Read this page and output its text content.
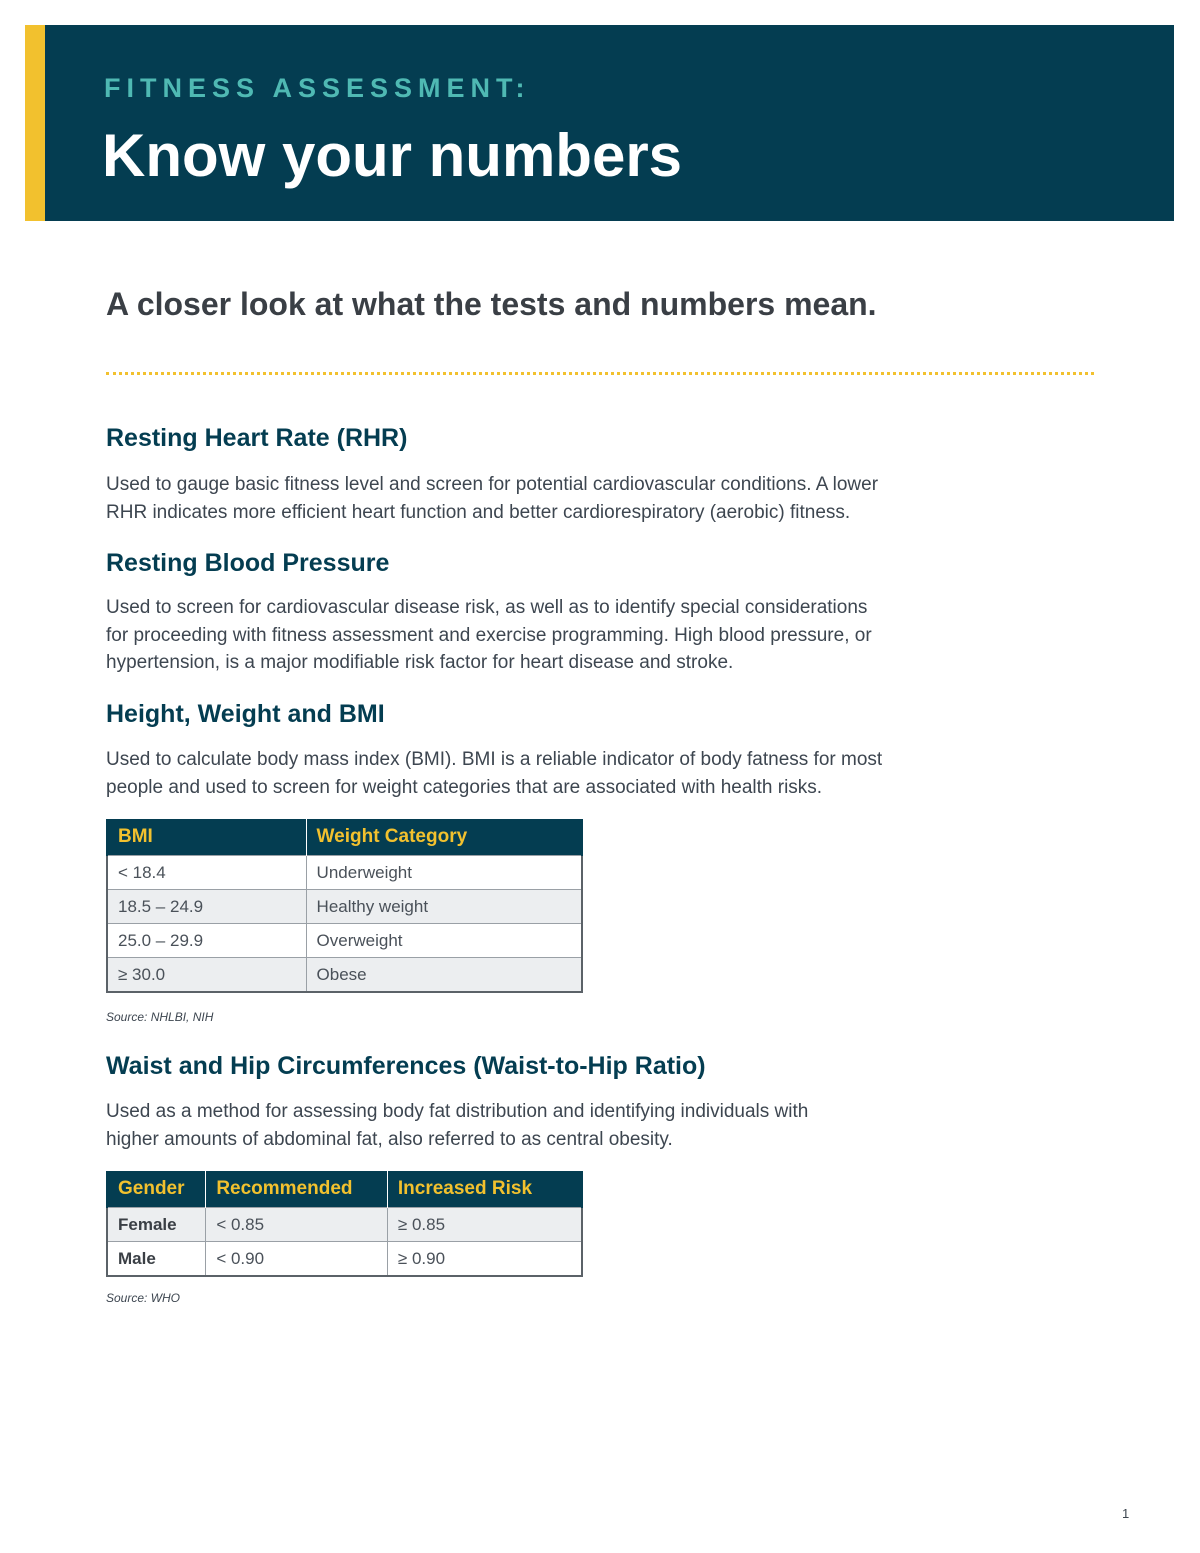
FITNESS ASSESSMENT:
Know your numbers
A closer look at what the tests and numbers mean.
Resting Heart Rate (RHR)
Used to gauge basic fitness level and screen for potential cardiovascular conditions. A lower
RHR indicates more efficient heart function and better cardiorespiratory (aerobic) fitness.
Resting Blood Pressure
Used to screen for cardiovascular disease risk, as well as to identify special considerations
for proceeding with fitness assessment and exercise programming. High blood pressure, or
hypertension, is a major modifiable risk factor for heart disease and stroke.
Height, Weight and BMI
Used to calculate body mass index (BMI). BMI is a reliable indicator of body fatness for most
people and used to screen for weight categories that are associated with health risks.
BMI	Weight Category
< 18.4	Underweight
18.5 – 24.9	Healthy weight
25.0 – 29.9	Overweight
≥ 30.0	Obese
Source: NHLBI, NIH
Waist and Hip Circumferences (Waist-to-Hip Ratio)
Used as a method for assessing body fat distribution and identifying individuals with
higher amounts of abdominal fat, also referred to as central obesity.
Gender	Recommended	Increased Risk
Female	< 0.85	≥ 0.85
Male	< 0.90	≥ 0.90
Source: WHO
1
